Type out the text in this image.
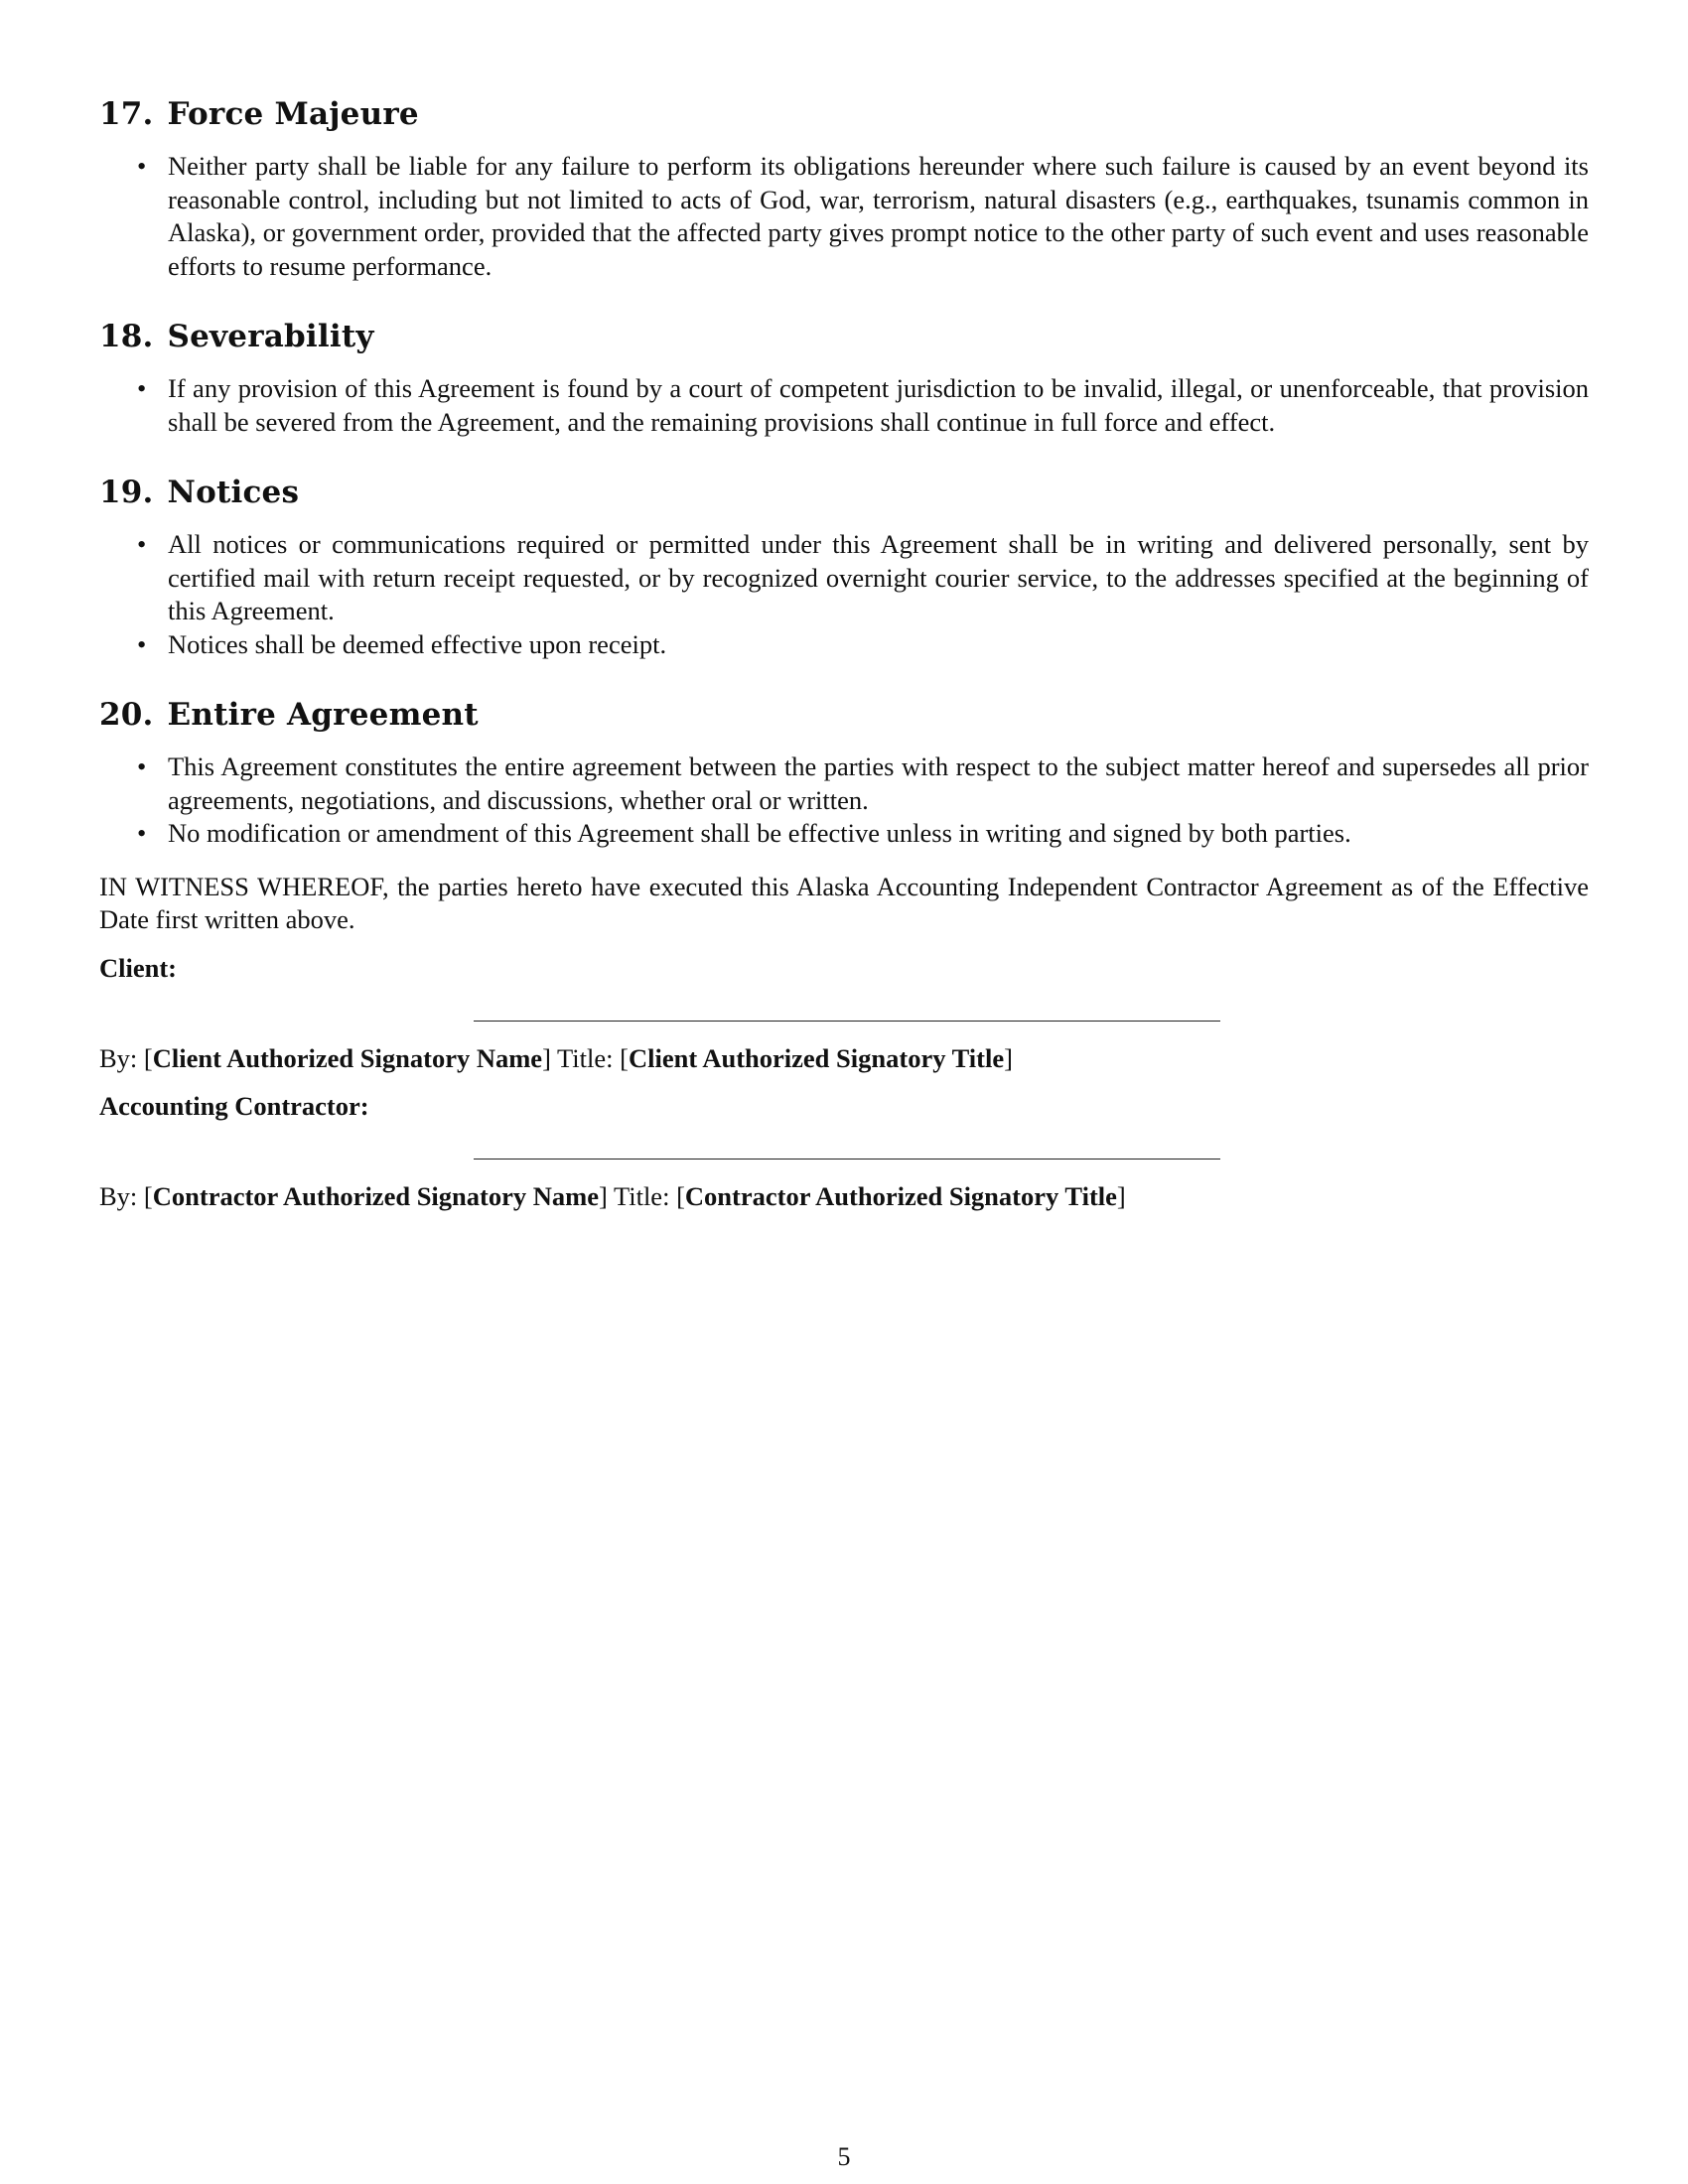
17. Force Majeure
• Neither party shall be liable for any failure to perform its obligations hereunder where such failure is caused by an event beyond its reasonable control, including but not limited to acts of God, war, terrorism, natural disasters (e.g., earthquakes, tsunamis common in Alaska), or government order, provided that the affected party gives prompt notice to the other party of such event and uses reasonable efforts to resume performance.
18. Severability
• If any provision of this Agreement is found by a court of competent jurisdiction to be invalid, illegal, or unenforceable, that provision shall be severed from the Agreement, and the remaining provisions shall continue in full force and effect.
19. Notices
• All notices or communications required or permitted under this Agreement shall be in writing and delivered personally, sent by certified mail with return receipt requested, or by recognized overnight courier service, to the addresses specified at the beginning of this Agreement.
• Notices shall be deemed effective upon receipt.
20. Entire Agreement
• This Agreement constitutes the entire agreement between the parties with respect to the subject matter hereof and supersedes all prior agreements, negotiations, and discussions, whether oral or written.
• No modification or amendment of this Agreement shall be effective unless in writing and signed by both parties.
IN WITNESS WHEREOF, the parties hereto have executed this Alaska Accounting Independent Contractor Agreement as of the Effective Date first written above.
Client:
By: [Client Authorized Signatory Name] Title: [Client Authorized Signatory Title]
Accounting Contractor:
By: [Contractor Authorized Signatory Name] Title: [Contractor Authorized Signatory Title]
5
